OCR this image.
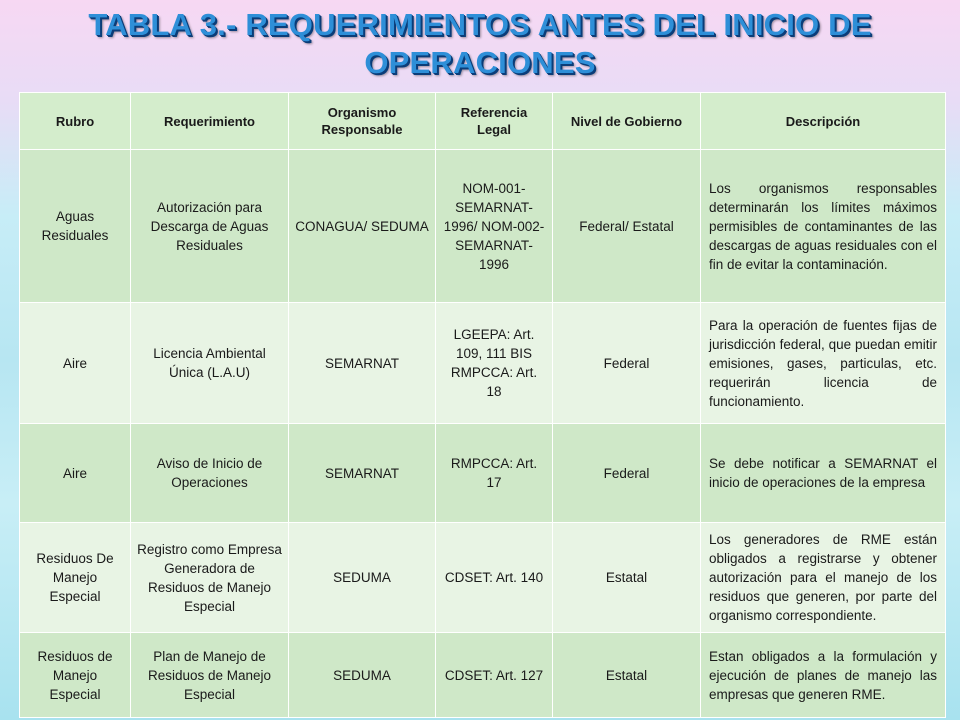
TABLA 3.- REQUERIMIENTOS ANTES DEL INICIO DE
OPERACIONES
Rubro	Requerimiento	Organismo Responsable	Referencia Legal	Nivel de Gobierno	Descripción
Aguas Residuales	Autorización para Descarga de Aguas Residuales	CONAGUA/ SEDUMA	NOM-001-SEMARNAT-1996/ NOM-002-SEMARNAT-1996	Federal/ Estatal	Los organismos responsables determinarán los límites máximos permisibles de contaminantes de las descargas de aguas residuales con el fin de evitar la contaminación.
Aire	Licencia Ambiental Única (L.A.U)	SEMARNAT	LGEEPA: Art. 109, 111 BIS RMPCCA: Art. 18	Federal	Para la operación de fuentes fijas de jurisdicción federal, que puedan emitir emisiones, gases, particulas, etc. requerirán licencia de funcionamiento.
Aire	Aviso de Inicio de Operaciones	SEMARNAT	RMPCCA: Art. 17	Federal	Se debe notificar a SEMARNAT el inicio de operaciones de la empresa
Residuos De Manejo Especial	Registro como Empresa Generadora de Residuos de Manejo Especial	SEDUMA	CDSET: Art. 140	Estatal	Los generadores de RME están obligados a registrarse y obtener autorización para el manejo de los residuos que generen, por parte del organismo correspondiente.
Residuos de Manejo Especial	Plan de Manejo de Residuos de Manejo Especial	SEDUMA	CDSET: Art. 127	Estatal	Estan obligados a la formulación y ejecución de planes de manejo las empresas que generen RME.
